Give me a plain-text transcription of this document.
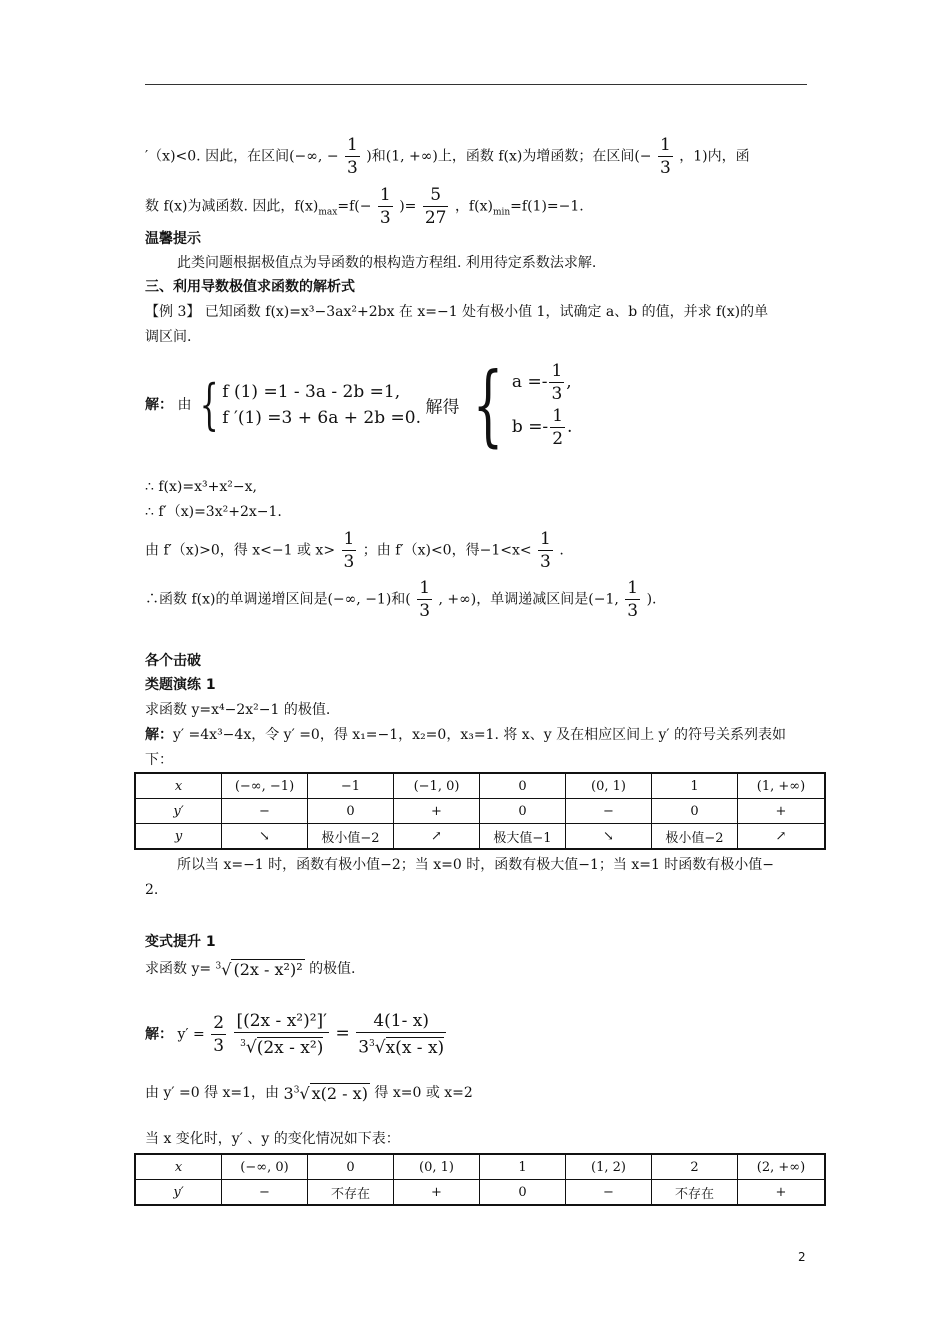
′（x)<0. 因此，在区间(−∞, − $\frac{1}{3}$ )和(1, +∞)上，函数 f(x)为增函数；在区间(− $\frac{1}{3}$ ，1)内，函
数 f(x)为减函数. 因此，$f(x)_{max}=f(- \frac{1}{3}$ )= $\frac{5}{27}$ ，$f(x)_{min}=f(1)=-1$.
温馨提示
此类问题根据极值点为导函数的根构造方程组. 利用待定系数法求解.
三、利用导数极值求函数的解析式
【例 3】 已知函数 f(x)=x³−3ax²+2bx 在 x=−1 处有极小值 1，试确定 a、b 的值，并求 f(x)的单
调区间.
解： 由 { f (1) =1 - 3a - 2b =1,
f ′(1) =3 + 6a + 2b =0.
解得 { $a =- \frac{1}{3}$ ,
$b =- \frac{1}{2}$ .
∴ f(x)=x³+x²−x,
∴ f′（x)=3x²+2x−1.
由 f′（x)>0，得 x<−1 或 $x> \frac{1}{3}$ ；由 f′（x)<0，得$-1<x< \frac{1}{3}$ .
∴函数 f(x)的单调递增区间是(−∞, −1)和( $\frac{1}{3}$ , +∞)，单调递减区间是(−1, $\frac{1}{3}$ ).
各个击破
类题演练 1
求函数 y=x⁴−2x²−1 的极值.
解：y′ =4x³−4x，令 y′ =0，得 x₁=−1，x₂=0，x₃=1. 将 x、y 及在相应区间上 y′ 的符号关系列表如
下：
x	(−∞, −1)	−1	(−1, 0)	0	(0, 1)	1	(1, +∞)
y′	−	0	+	0	−	0	+
y	↘	极小值−2	↗	极大值−1	↘	极小值−2	↗
所以当 x=−1 时，函数有极小值−2；当 x=0 时，函数有极大值−1；当 x=1 时函数有极小值−
2.
变式提升 1
求函数 y= $^3$√ (2x - x²)² 的极值.
解： $y' = \frac{2}{3}$
$\frac{\text{[(2x - x²)²]′}}{^3√(2x - x^2)} = \frac{4(1- x)}{3^3√x(x - x)}$
由 y′ =0 得 x=1，由 $3^3√$ x(2 - x) 得 x=0 或 x=2
当 x 变化时，y′ 、y 的变化情况如下表：
x	(−∞, 0)	0	(0, 1)	1	(1, 2)	2	(2, +∞)
y′	−	不存在	+	0	−	不存在	+
2
